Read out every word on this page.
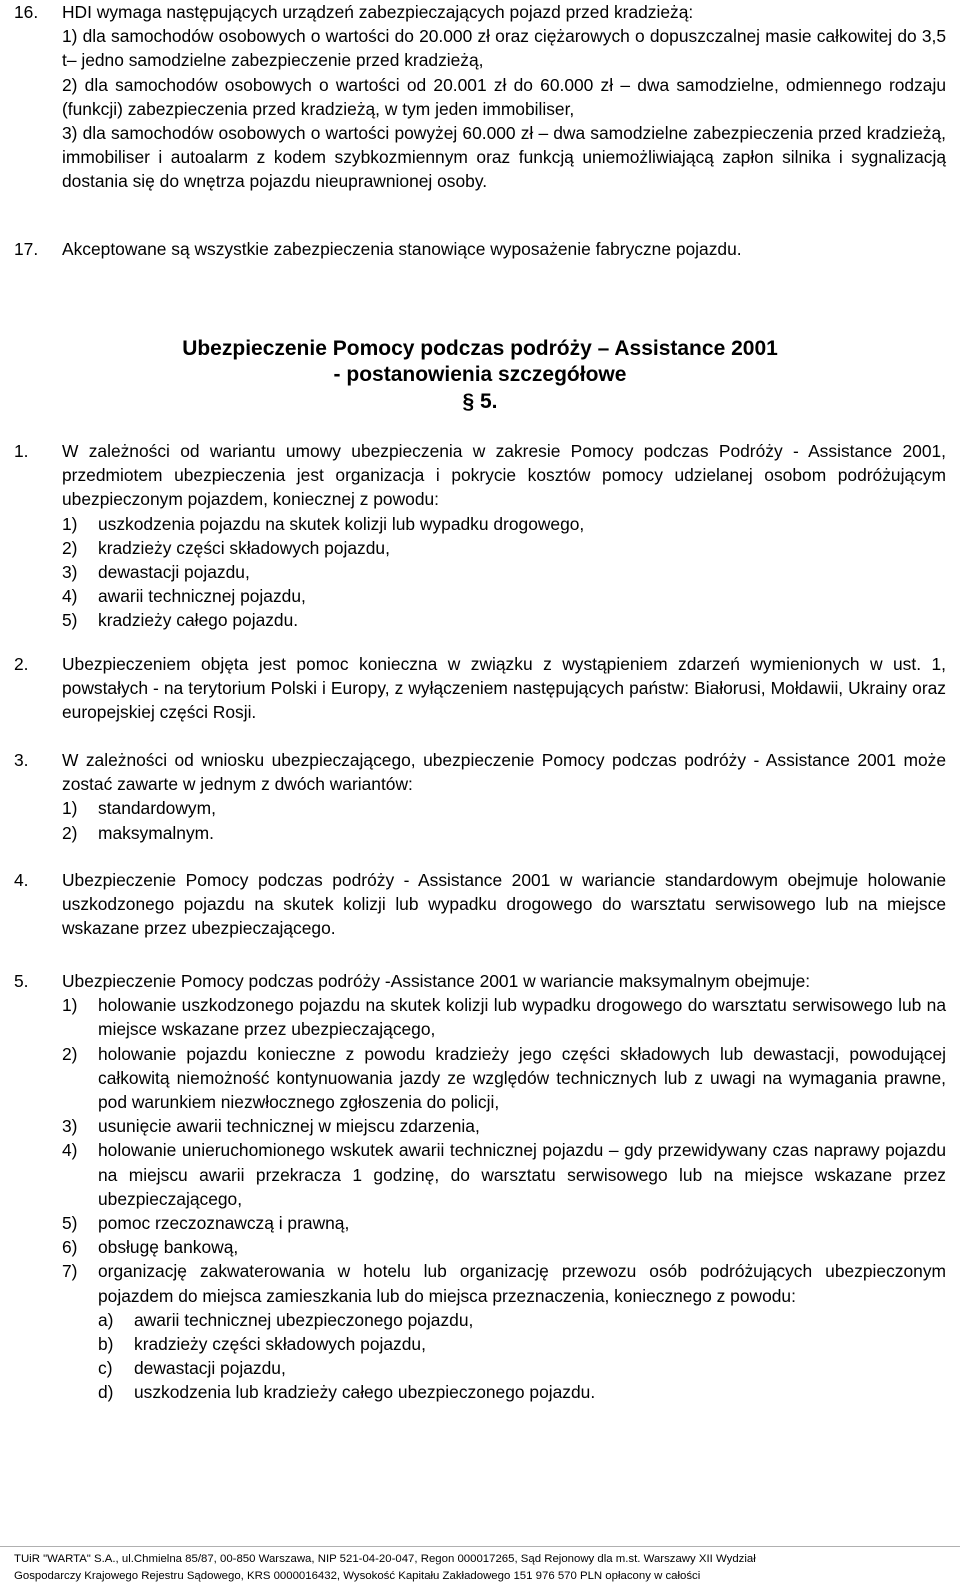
16.	HDI wymaga następujących urządzeń zabezpieczających pojazd przed kradzieżą:
1) dla samochodów osobowych o wartości do 20.000 zł oraz ciężarowych o dopuszczalnej masie całkowitej do 3,5 t– jedno samodzielne zabezpieczenie przed kradzieżą,
2) dla samochodów osobowych o wartości od 20.001 zł do 60.000 zł – dwa samodzielne, odmiennego rodzaju (funkcji) zabezpieczenia przed kradzieżą, w tym jeden immobiliser,
3) dla samochodów osobowych o wartości powyżej 60.000 zł – dwa samodzielne zabezpieczenia przed kradzieżą, immobiliser i autoalarm z kodem szybkozmiennym oraz funkcją uniemożliwiającą zapłon silnika i sygnalizacją dostania się do wnętrza pojazdu nieuprawnionej osoby.
17.	Akceptowane są wszystkie zabezpieczenia stanowiące wyposażenie fabryczne pojazdu.
Ubezpieczenie Pomocy podczas podróży – Assistance 2001
- postanowienia szczegółowe
§ 5.
1.	W zależności od wariantu umowy ubezpieczenia w zakresie Pomocy podczas Podróży - Assistance 2001, przedmiotem ubezpieczenia jest organizacja i pokrycie kosztów pomocy udzielanej osobom podróżującym ubezpieczonym pojazdem, koniecznej z powodu:
1)	uszkodzenia pojazdu na skutek kolizji lub wypadku drogowego,
2)	kradzieży części składowych pojazdu,
3)	dewastacji pojazdu,
4)	awarii technicznej pojazdu,
5)	kradzieży całego pojazdu.
2.	Ubezpieczeniem objęta jest pomoc konieczna w związku z wystąpieniem zdarzeń wymienionych w ust. 1, powstałych - na terytorium Polski i Europy, z wyłączeniem następujących państw: Białorusi, Mołdawii, Ukrainy oraz europejskiej części Rosji.
3.	W zależności od wniosku ubezpieczającego, ubezpieczenie Pomocy podczas podróży - Assistance 2001 może zostać zawarte w jednym z dwóch wariantów:
1)	standardowym,
2)	maksymalnym.
4.	Ubezpieczenie Pomocy podczas podróży - Assistance 2001 w wariancie standardowym obejmuje holowanie uszkodzonego pojazdu na skutek kolizji lub wypadku drogowego do warsztatu serwisowego lub na miejsce wskazane przez ubezpieczającego.
5.	Ubezpieczenie Pomocy podczas podróży -Assistance 2001 w wariancie maksymalnym obejmuje:
1)	holowanie uszkodzonego pojazdu na skutek kolizji lub wypadku drogowego do warsztatu serwisowego lub na miejsce wskazane przez ubezpieczającego,
2)	holowanie pojazdu konieczne z powodu kradzieży jego części składowych lub dewastacji, powodującej całkowitą niemożność kontynuowania jazdy ze względów technicznych lub z uwagi na wymagania prawne, pod warunkiem niezwłocznego zgłoszenia do policji,
3)	usunięcie awarii technicznej w miejscu zdarzenia,
4)	holowanie unieruchomionego wskutek awarii technicznej pojazdu – gdy przewidywany czas naprawy pojazdu na miejscu awarii przekracza 1 godzinę, do warsztatu serwisowego lub na miejsce wskazane przez ubezpieczającego,
5)	pomoc rzeczoznawczą i prawną,
6)	obsługę bankową,
7)	organizację zakwaterowania w hotelu lub organizację przewozu osób podróżujących ubezpieczonym pojazdem do miejsca zamieszkania lub do miejsca przeznaczenia, koniecznego z powodu:
a)	awarii technicznej ubezpieczonego pojazdu,
b)	kradzieży części składowych pojazdu,
c)	dewastacji pojazdu,
d)	uszkodzenia lub kradzieży całego ubezpieczonego pojazdu.
TUiR "WARTA" S.A., ul.Chmielna 85/87, 00-850 Warszawa, NIP 521-04-20-047, Regon 000017265, Sąd Rejonowy dla m.st. Warszawy XII Wydział
Gospodarczy Krajowego Rejestru Sądowego, KRS 0000016432, Wysokość Kapitału Zakładowego 151 976 570 PLN opłacony w całości
